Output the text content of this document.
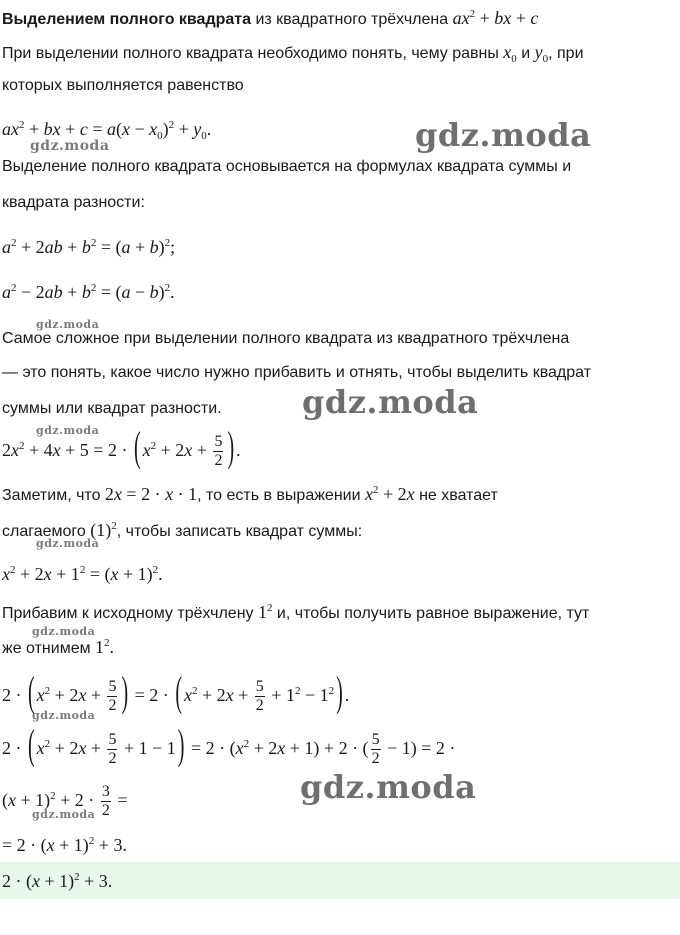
Выделением полного квадрата из квадратного трёхчлена $ax^2$ + bx + c
При выделении полного квадрата необходимо понять, чему равны $x_0$ и $y_0$, при
которых выполняется равенство
$ax^2$ + bx + $c = a(x - x_0)^2 + y_0$.
Выделение полного квадрата основывается на формулах квадрата суммы и
квадрата разности:
$a^2 + 2ab + b^2 = (a + b)^2$;
$a^2 - 2ab + b^2 = (a - b)^2$.
Самое сложное при выделении полного квадрата из квадратного трёхчлена
— это понять, какое число нужно прибавить и отнять, чтобы выделить квадрат
суммы или квадрат разности.
$2x^2 + 4x + 5 = 2$ · ( $x^2 + 2x + \frac{5}{2}$ ) .
Заметим, что 2x = 2 · x · 1, то есть в выражении $x^2 + 2x$ не хватает
слагаемого $(1)^2$, чтобы записать квадрат суммы:
$x^2 + 2x + 1^2 = (x + 1)^2$.
Прибавим к исходному трёхчлену $1^2$ и, чтобы получить равное выражение, тут
же отнимем $1^2$.
2 · ( $x^2 + 2x + \frac{5}{2}$ ) = 2 · ( $x^2 + 2x + \frac{5}{2} + 1^2 - 1^2$ ) .
2 · ( $x^2 + 2x + \frac{5}{2} + 1 - 1$ ) = $2 \cdot (x^2 + 2x + 1) + 2$ · ( $\frac{5}{2} - 1) = 2$ ·
$(x + 1)^2 + 2 \cdot \frac{3}{2}$ =
= $2 \cdot (x + 1)^2 + 3$.
$2 \cdot (x + 1)^2 + 3$.
gdz.moda
gdz.moda
gdz.moda
gdz.moda
gdz.moda
gdz.moda
gdz.moda
gdz.moda
gdz.moda
gdz.moda
